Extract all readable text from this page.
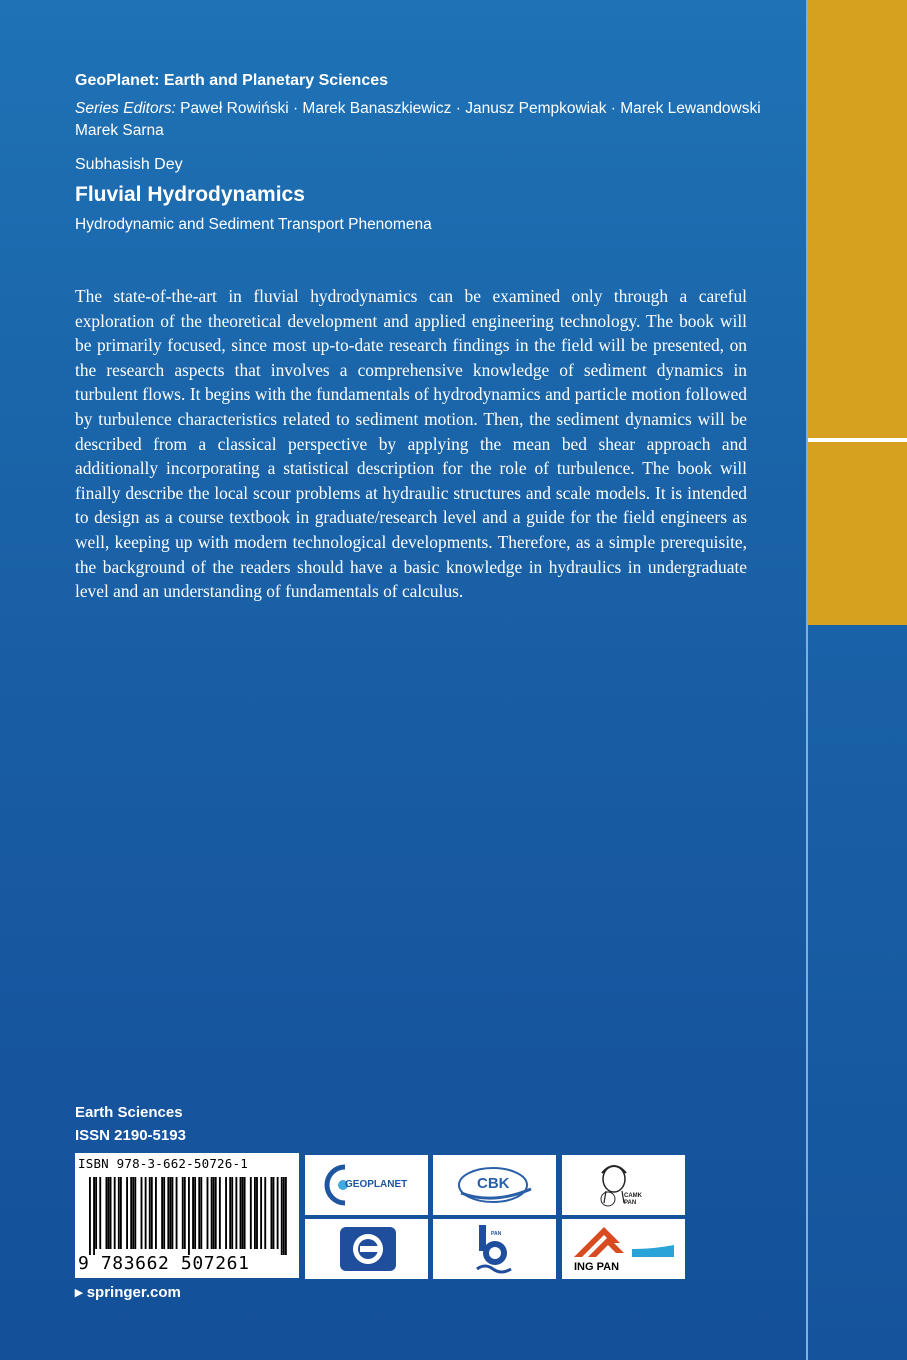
GeoPlanet: Earth and Planetary Sciences
Series Editors: Paweł Rowiński · Marek Banaszkiewicz · Janusz Pempkowiak · Marek Lewandowski Marek Sarna
Subhasish Dey
Fluvial Hydrodynamics
Hydrodynamic and Sediment Transport Phenomena
The state-of-the-art in fluvial hydrodynamics can be examined only through a careful exploration of the theoretical development and applied engineering technology. The book will be primarily focused, since most up-to-date research findings in the field will be presented, on the research aspects that involves a comprehensive knowledge of sediment dynamics in turbulent flows. It begins with the fundamentals of hydrodynamics and particle motion followed by turbulence characteristics related to sediment motion. Then, the sediment dynamics will be described from a classical perspective by applying the mean bed shear approach and additionally incorporating a statistical description for the role of turbulence. The book will finally describe the local scour problems at hydraulic structures and scale models. It is intended to design as a course textbook in graduate/research level and a guide for the field engineers as well, keeping up with modern technological developments. Therefore, as a simple prerequisite, the background of the readers should have a basic knowledge in hydraulics in undergraduate level and an understanding of fundamentals of calculus.
Earth Sciences
ISSN 2190-5193
ISBN 978-3-662-50726-1
9 783662 507261
GEOPLANET	CBK
CAMK PAN
PAN
ING PAN
▸ springer.com
